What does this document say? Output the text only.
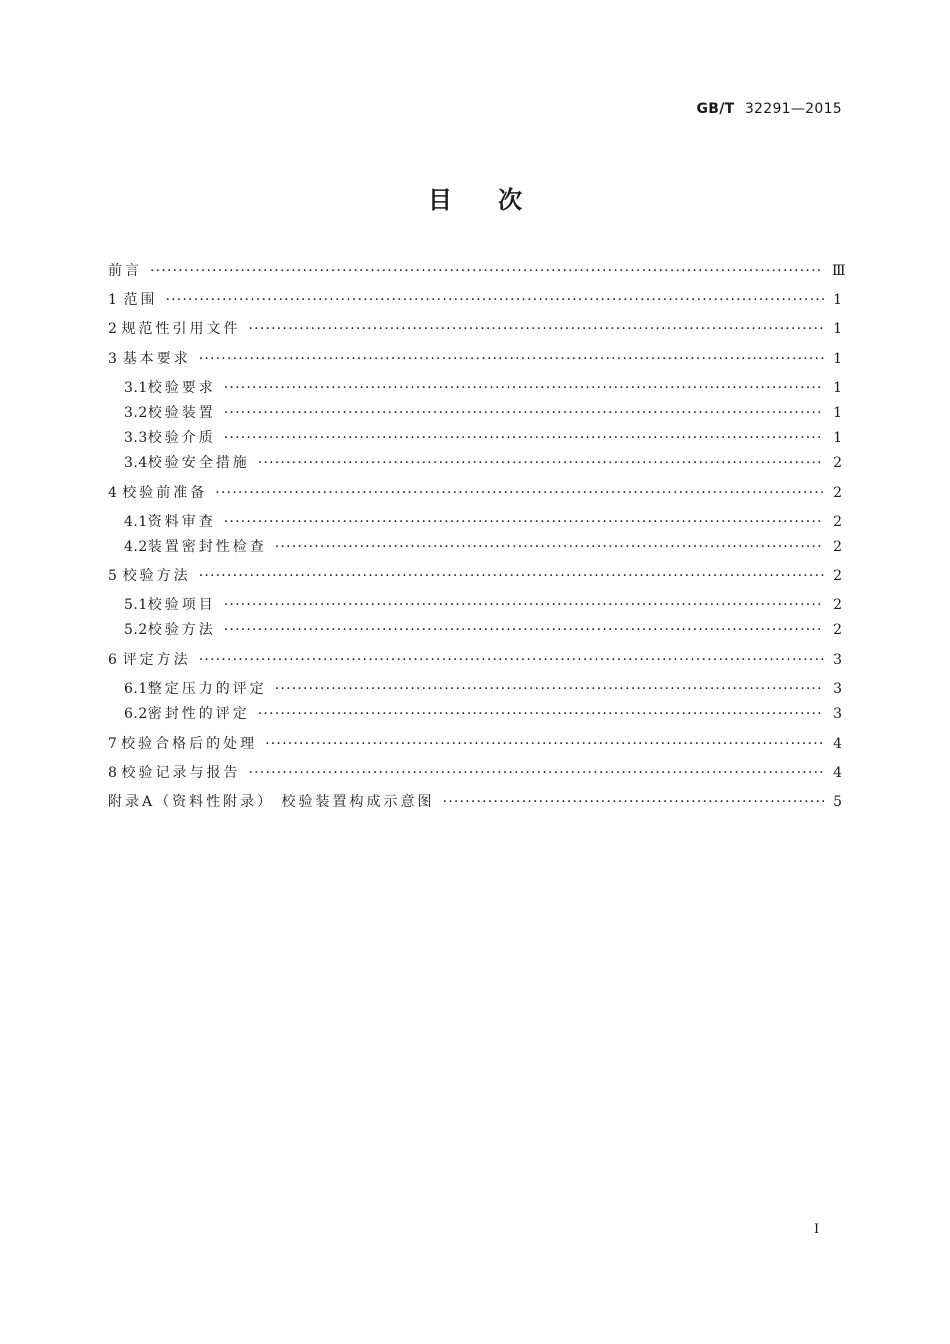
GB/T 32291—2015
目次
前言 ·····	Ⅲ
1 范围 ·····	1
2 规范性引用文件 ·····	1
3 基本要求 ·····	1
3.1 校验要求 ·····	1
3.2 校验装置 ·····	1
3.3 校验介质 ·····	1
3.4 校验安全措施 ·····	2
4 校验前准备 ·····	2
4.1 资料审查 ·····	2
4.2 装置密封性检查 ·····	2
5 校验方法 ·····	2
5.1 校验项目 ·····	2
5.2 校验方法 ·····	2
6 评定方法 ·····	3
6.1 整定压力的评定 ·····	3
6.2 密封性的评定 ·····	3
7 校验合格后的处理 ·····	4
8 校验记录与报告 ·····	4
附录A（资料性附录） 校验装置构成示意图 ·····	5
Ⅰ
